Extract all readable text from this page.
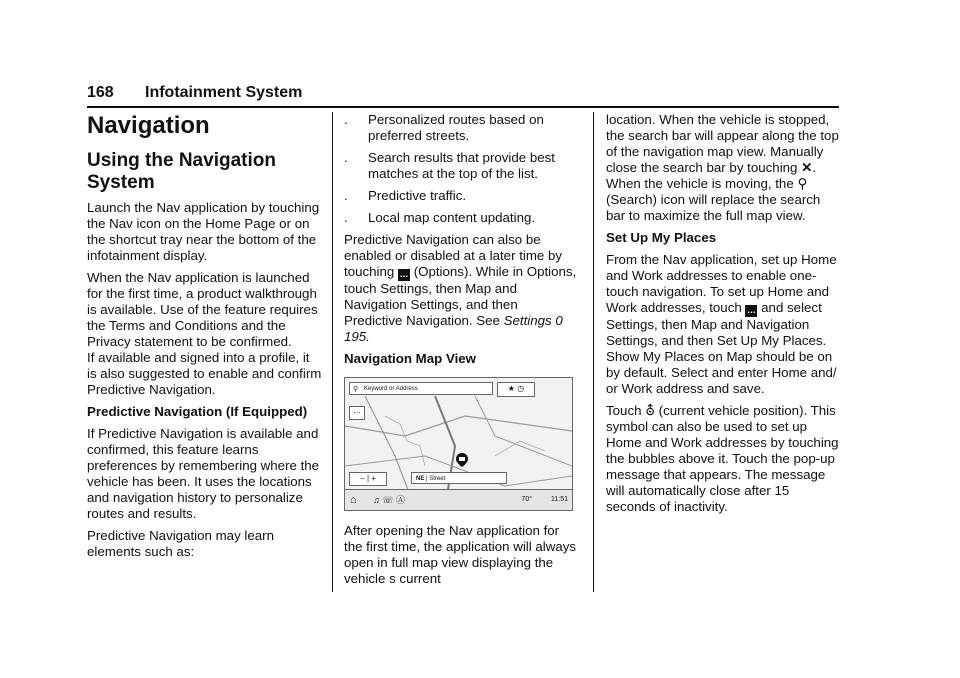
168 Infotainment System
Navigation
Using the Navigation System

Launch the Nav application by touching the Nav icon on the Home Page or on the shortcut tray near the bottom of the infotainment display.

When the Nav application is launched for the first time, a product walkthrough is available. Use of the feature requires the Terms and Conditions and the Privacy statement to be confirmed.

If available and signed into a profile, it is also suggested to enable and confirm Predictive Navigation.

Predictive Navigation (If Equipped)

If Predictive Navigation is available and confirmed, this feature learns preferences by remembering where the vehicle has been. It uses the locations and navigation history to personalize routes and results.

Predictive Navigation may learn elements such as:

. Personalized routes based on preferred streets.
. Search results that provide best matches at the top of the list.
. Predictive traffic.
. Local map content updating.

Predictive Navigation can also be enabled or disabled at a later time by touching … (Options). While in Options, touch Settings, then Map and Navigation Settings, and then Predictive Navigation. See Settings 0 195.

Navigation Map View
⚲ Keyword or Address	★ ◷
…
− | +	NE | Street
⌂ ♫ ☏ Ⓐ	70°	11:51

After opening the Nav application for the first time, the application will always open in full map view displaying the vehicle s current

location. When the vehicle is stopped, the search bar will appear along the top of the navigation map view. Manually close the search bar by touching ✕. When the vehicle is moving, the ⚲ (Search) icon will replace the search bar to maximize the full map view.

Set Up My Places

From the Nav application, set up Home and Work addresses to enable one-touch navigation. To set up Home and Work addresses, touch … and select Settings, then Map and Navigation Settings, and then Set Up My Places. Show My Places on Map should be on by default. Select and enter Home and/ or Work address and save.

Touch ⛢ (current vehicle position). This symbol can also be used to set up Home and Work addresses by touching the bubbles above it. Touch the pop-up message that appears. The message will automatically close after 15 seconds of inactivity.
